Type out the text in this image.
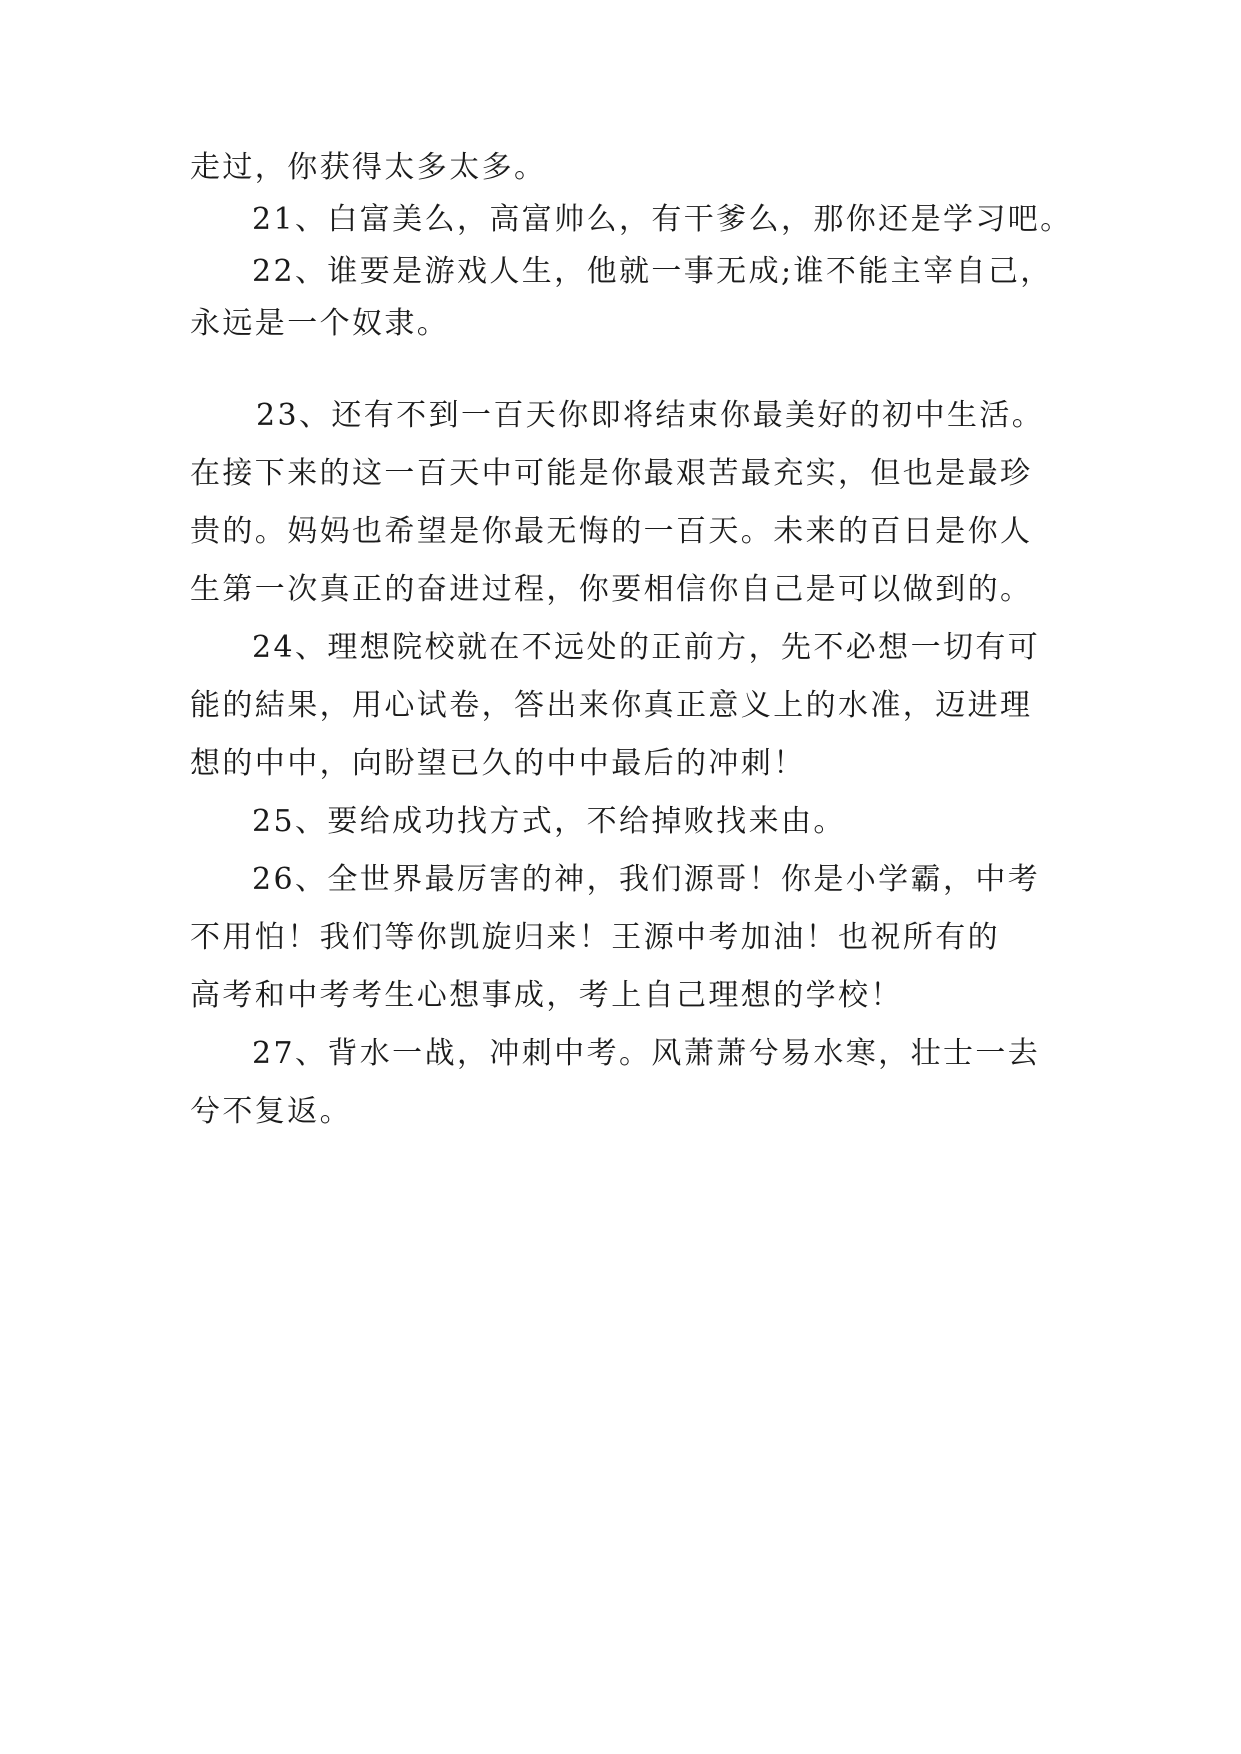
走过，你获得太多太多。
21、白富美么，高富帅么，有干爹么，那你还是学习吧。
22、谁要是游戏人生，他就一事无成;谁不能主宰自己，
永远是一个奴隶。
23、还有不到一百天你即将结束你最美好的初中生活。
在接下来的这一百天中可能是你最艰苦最充实，但也是最珍
贵的。妈妈也希望是你最无悔的一百天。未来的百日是你人
生第一次真正的奋进过程，你要相信你自己是可以做到的。
24、理想院校就在不远处的正前方，先不必想一切有可
能的結果，用心试卷，答出来你真正意义上的水准，迈进理
想的中中，向盼望已久的中中最后的冲刺！
25、要给成功找方式，不给掉败找来由。
26、全世界最厉害的神，我们源哥！你是小学霸，中考
不用怕！我们等你凯旋归来！王源中考加油！也祝所有的
高考和中考考生心想事成，考上自己理想的学校！
27、背水一战，冲刺中考。风萧萧兮易水寒，壮士一去
兮不复返。
